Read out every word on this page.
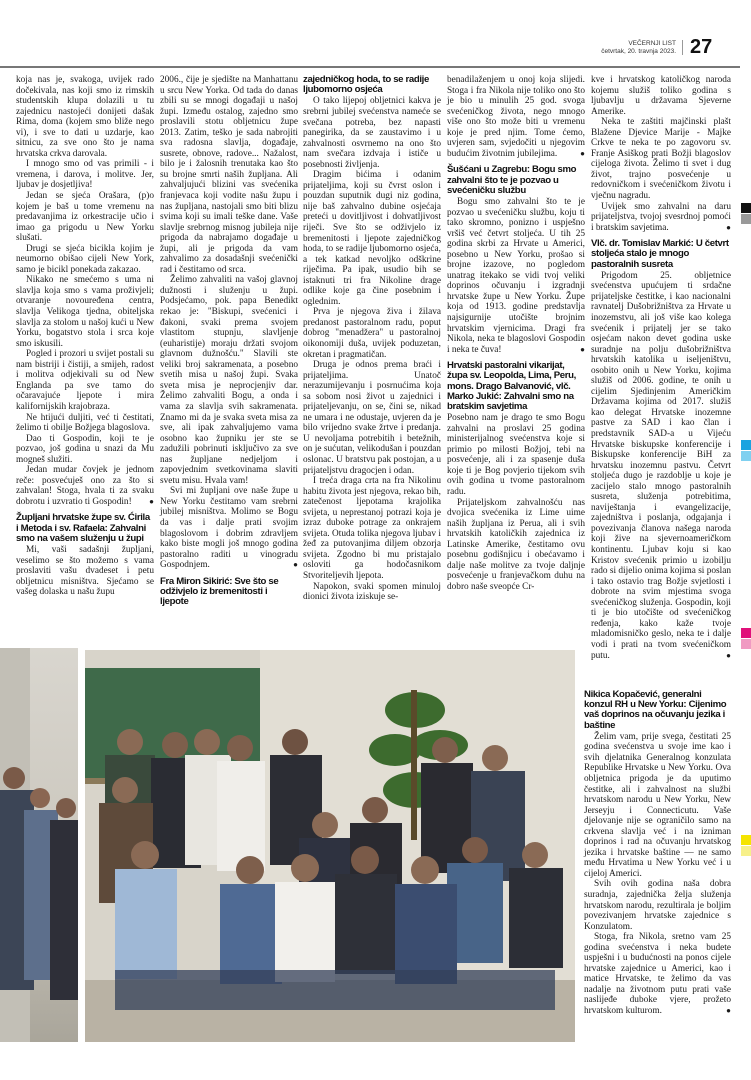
VEČERNJI LIST
četvrtak, 20. travnja 2023. 27

koja nas je, svakoga, uvijek rado dočekivala, nas koji smo iz rimskih studentskih klupa dolazili u tu zajednicu nastojeći donijeti dašak Rima, doma (kojem smo bliže nego vi), i sve to dati u uzdarje, kao sitnicu, za sve ono što je nama hrvatska crkva darovala.

I mnogo smo od vas primili - i vremena, i darova, i molitve. Jer, ljubav je dosjetljiva!

Jedan se sjeća Orašara, (p)o kojem je baš u tome vremenu na predavanjima iz orkestracije učio i imao ga prigodu u New Yorku slušati.

Drugi se sjeća bicikla kojim je neumorno obišao cijeli New York, samo je bicikl ponekada zakazao.

Nikako ne smećemo s uma ni slavlja koja smo s vama proživjeli; otvaranje novouređena centra, slavlja Velikoga tjedna, obiteljska slavlja za stolom u našoj kući u New Yorku, bogatstvo stola i srca koje smo iskusili.

Pogled i prozori u svijet postali su nam bistriji i čistiji, a smijeh, radost i molitva odjekivali su od New Englanda pa sve tamo do očaravajuće ljepote i mira kalifornijskih krajobraza.

Ne htijući duljiti, već ti čestitati, želimo ti obilje Božjega blagoslova.

Dao ti Gospodin, koji te je pozvao, još godina u snazi da Mu mogneš služiti.

Jedan mudar čovjek je jednom reče: posvećuješ ono za što si zahvalan! Stoga, hvala ti za svaku dobrotu i uzvratio ti Gospodin!	●

Župljani hrvatske župe sv. Ćirila i Metoda i sv. Rafaela: Zahvalni smo na vašem služenju u župi

Mi, vaši sadašnji župljani, veselimo se što možemo s vama proslaviti vašu dvadeset i petu obljetnicu misništva. Sjećamo se vašeg dolaska u našu župu

2006., čije je sjedište na Manhattanu u srcu New Yorka. Od tada do danas zbili su se mnogi događaji u našoj župi. Između ostalog, zajedno smo proslavili stotu obljetnicu župe 2013. Zatim, teško je sada nabrojiti sva radosna slavlja, događaje, susrete, obnove, radove... Nažalost, bilo je i žalosnih trenutaka kao što su brojne smrti naših župljana. Ali zahvaljujući blizini vas svećenika franjevaca koji vodite našu župu i nas župljana, nastojali smo biti blizu svima koji su imali teške dane. Vaše slavlje srebrnog misnog jubileja nije prigoda da nabrajamo događaje u župi, ali je prigoda da vam zahvalimo za dosadašnji svećenički rad i čestitamo od srca.

Želimo zahvaliti na vašoj glavnoj dužnosti i služenju u župi. Podsjećamo, pok. papa Benedikt rekao je: "Biskupi, svećenici i đakoni, svaki prema svojem vlastitom stupnju, slavljenje (euharistije) moraju držati svojom glavnom dužnošću." Slavili ste veliki broj sakramenata, a posebno svetih misa u našoj župi. Svaka sveta misa je neprocjenjiv dar. Želimo zahvaliti Bogu, a onda i vama za slavlja svih sakramenata. Znamo mi da je svaka sveta misa za sve, ali ipak zahvaljujemo vama osobno kao župniku jer ste se zadužili pobrinuti isključivo za sve nas župljane nedjeljom i zapovjednim svetkovinama slaviti svetu misu. Hvala vam!

Svi mi župljani ove naše župe u New Yorku čestitamo vam srebrni jubilej misništva. Molimo se Bogu da vas i dalje prati svojim blagoslovom i dobrim zdravljem kako biste mogli još mnogo godina pastoralno raditi u vinogradu Gospodnjem.	●

Fra Miron Sikirić: Sve što se odživjelo iz bremenitosti i ljepote
zajedničkog hoda, to se radije ljubomorno osjeća

O tako lijepoj obljetnici kakva je srebrni jubilej svećenstva nameće se svečana potreba, bez napasti panegirika, da se zaustavimo i u zahvalnosti osvrnemo na ono što nam svečara izdvaja i ističe u posebnosti življenja.

Dragim bićima i odanim prijateljima, koji su čvrst oslon i pouzdan suputnik dugi niz godina, nije baš zahvalno dubine osjećaja preteći u dovitljivost i dohvatljivost riječi. Sve što se odživjelo iz bremenitosti i ljepote zajedničkog hoda, to se radije ljubomorno osjeća, a tek katkad nevoljko odškrine riječima. Pa ipak, usudio bih se istaknuti tri fra Nikoline drage odlike koje ga čine posebnim i oglednim.

Prva je njegova živa i žilava predanost pastoralnom radu, poput dobrog "menadžera" u pastoralnoj oikonomiji duša, uvijek poduzetan, okretan i pragmatičan.

Druga je odnos prema braći i prijateljima. Unatoč nerazumijevanju i posrnućima koja sa sobom nosi život u zajednici i prijateljevanju, on se, čini se, nikad ne umara i ne odustaje, uvjeren da je bilo vrijedno svake žrtve i predanja. U nevoljama potrebitih i betežnih, on je sućutan, velikodušan i pouzdan oslonac. U bratstvu pak postojan, a u prijateljstvu dragocjen i odan.

I treća draga crta na fra Nikolinu habitu života jest njegova, rekao bih, zatečenost ljepotama krajolika svijeta, u neprestanoj potrazi koja je izraz duboke potrage za onkrajem svijeta. Otuda tolika njegova ljubav i žeđ za putovanjima diljem obzorja svijeta. Zgodno bi mu pristajalo osloviti ga hodočasnikom Stvoriteljevih ljepota.

Napokon, svaki spomen minuloj dionici života iziskuje se-

benadilaženjem u onoj koja slijedi. Stoga i fra Nikola nije toliko ono što je bio u minulih 25 god. svoga svećeničkog života, nego mnogo više ono što može biti u vremenu koje je pred njim. Tome ćemo, uvjeren sam, svjedočiti u njegovim budućim životnim jubilejima.	●

Šušćani u Zagrebu: Bogu smo zahvalni što te je pozvao u svećeničku službu

Bogu smo zahvalni što te je pozvao u svećeničku službu, koju ti tako skromno, ponizno i uspješno vršiš već četvrt stoljeća. U tih 25 godina skrbi za Hrvate u Americi, posebno u New Yorku, prošao si brojne izazove, no pogledom unatrag itekako se vidi tvoj veliki doprinos očuvanju i izgradnji hrvatske župe u New Yorku. Župe koja od 1913. godine predstavlja najsigurnije utočište brojnim hrvatskim vjernicima. Dragi fra Nikola, neka te blagoslovi Gospodin i neka te čuva!	●

Hrvatski pastoralni vikarijat, župa sv. Leopolda, Lima, Peru, mons. Drago Balvanović, vlč. Marko Jukić: Zahvalni smo na bratskim savjetima

Posebno nam je drago te smo Bogu zahvalni na proslavi 25 godina ministerijalnog svećenstva koje si primio po milosti Božjoj, tebi na posvećenje, ali i za spasenje duša koje ti je Bog povjerio tijekom svih ovih godina u tvome pastoralnom radu.

Prijateljskom zahvalnošću nas dvojica svećenika iz Lime uime naših župljana iz Perua, ali i svih hrvatskih katoličkih zajednica iz Latinske Amerike, čestitamo ovu posebnu godišnjicu i obećavamo i dalje naše molitve za tvoje daljnje posvećenje u franjevačkom duhu na dobro naše sveopće Cr-

kve i hrvatskog katoličkog naroda kojemu služiš toliko godina s ljubavlju u državama Sjeverne Amerike.

Neka te zaštiti majčinski plašt Blažene Djevice Marije - Majke Crkve te neka te po zagovoru sv. Franje Asiškog prati Božji blagoslov cijeloga života. Želimo ti svet i dug život, trajno posvećenje u redovničkom i svećeničkom životu i vječnu nagradu.

Uvijek smo zahvalni na daru prijateljstva, tvojoj svesrdnoj pomoći i bratskim savjetima.	●

Vlč. dr. Tomislav Markić: U četvrt stoljeća stalo je mnogo pastoralnih susreta

Prigodom 25. obljetnice svećenstva upućujem ti srdačne prijateljske čestitke, i kao nacionalni ravnatelj Dušobrižništva za Hrvate u inozemstvu, ali još više kao kolega svećenik i prijatelj jer se tako osjećam nakon devet godina uske suradnje na polju dušobrižništva hrvatskih katolika u iseljeništvu, osobito onih u New Yorku, kojima služiš od 2006. godine, te onih u cijelim Sjedinjenim Američkim Državama kojima od 2017. služiš kao delegat Hrvatske inozemne pastve za SAD i kao član i predstavnik SAD-a u Vijeću Hrvatske biskupske konferencije i Biskupske konferencije BiH za hrvatsku inozemnu pastvu. Četvrt stoljeća dugo je razdoblje u koje je zacijelo stalo mnogo pastoralnih susreta, služenja potrebitima, naviještanja i evangelizacije, zajedništva i poslanja, odgajanja i povezivanja članova našega naroda koji žive na sjevernoameričkom kontinentu. Ljubav koju si kao Kristov svećenik primio u izobilju rado si dijelio onima kojima si poslan i tako ostavio trag Božje svjetlosti i dobrote na svim mjestima svoga svećeničkog služenja. Gospodin, koji ti je bio utočište od svećeničkog ređenja, kako kaže tvoje mladomisničko geslo, neka te i dalje vodi i prati na tvom svećeničkom putu.	●

Nikica Kopačević, generalni konzul RH u New Yorku: Cijenimo vaš doprinos na očuvanju jezika i baštine

Želim vam, prije svega, čestitati 25 godina svećenstva u svoje ime kao i svih djelatnika Generalnog konzulata Republike Hrvatske u New Yorku. Ova obljetnica prigoda je da uputimo čestitke, ali i zahvalnost na službi hrvatskom narodu u New Yorku, New Jerseyju i Connecticutu. Vaše djelovanje nije se ograničilo samo na crkvena slavlja već i na izniman doprinos i rad na očuvanju hrvatskog jezika i hrvatske baštine — ne samo među Hrvatima u New Yorku već i u cijeloj Americi.

Svih ovih godina naša dobra suradnja, zajednička želja služenja hrvatskom narodu, rezultirala je boljim povezivanjem hrvatske zajednice s Konzulatom.

Stoga, fra Nikola, sretno vam 25 godina svećenstva i neka budete uspješni i u budućnosti na ponos cijele hrvatske zajednice u Americi, kao i matice Hrvatske, te želimo da vas nadalje na životnom putu prati vaše naslijeđe duboke vjere, prožeto hrvatskom kulturom.	●
